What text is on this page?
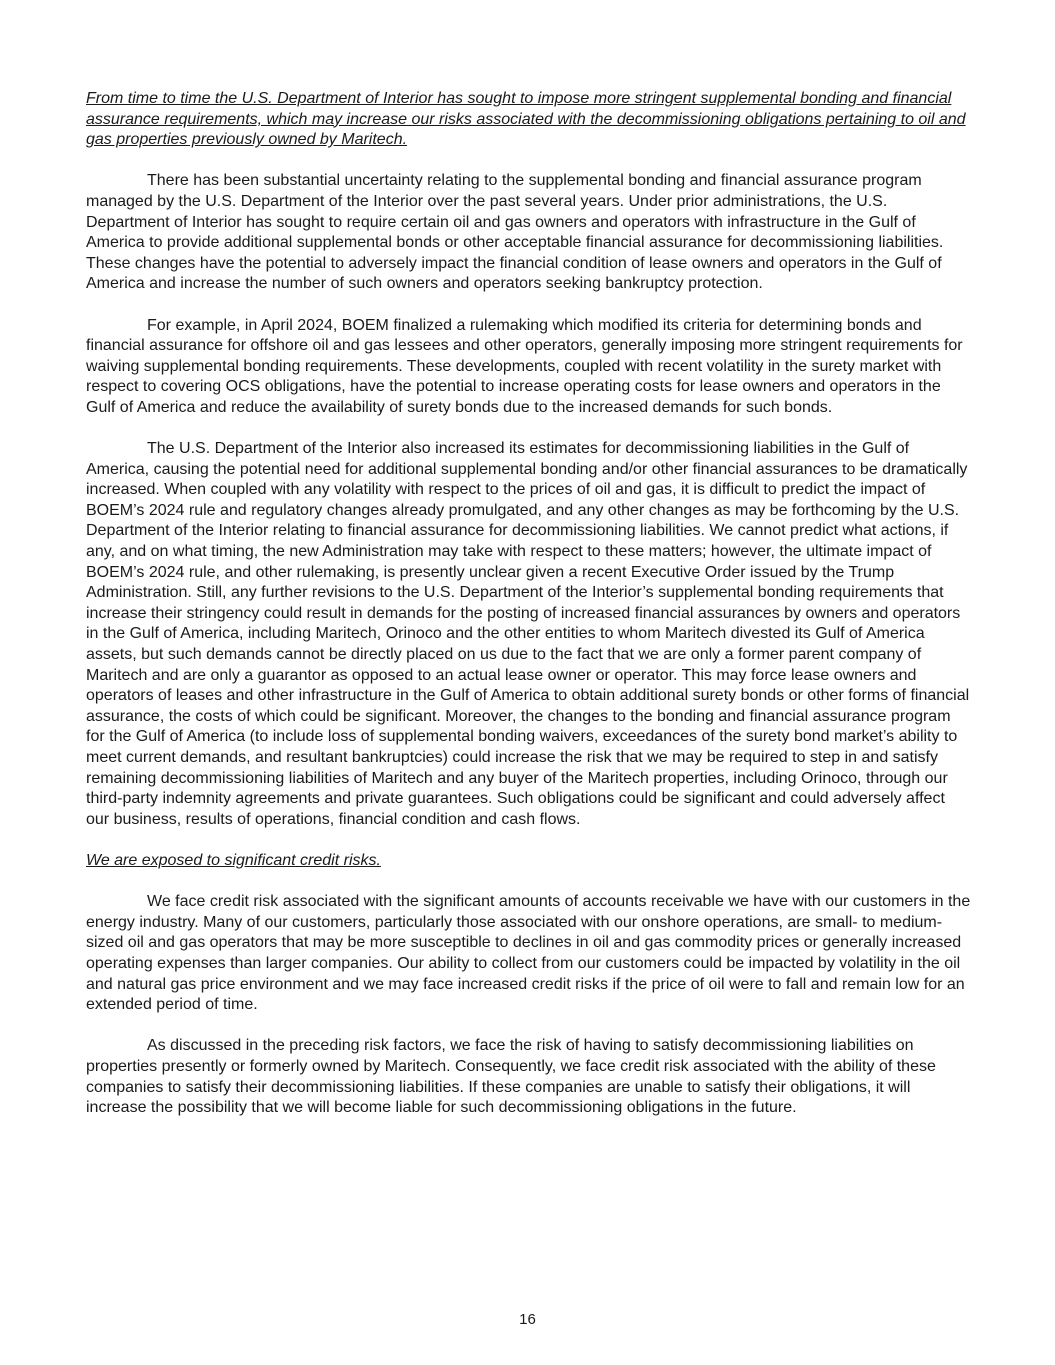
From time to time the U.S. Department of Interior has sought to impose more stringent supplemental bonding and financial assurance requirements, which may increase our risks associated with the decommissioning obligations pertaining to oil and gas properties previously owned by Maritech.

There has been substantial uncertainty relating to the supplemental bonding and financial assurance program managed by the U.S. Department of the Interior over the past several years. Under prior administrations, the U.S. Department of Interior has sought to require certain oil and gas owners and operators with infrastructure in the Gulf of America to provide additional supplemental bonds or other acceptable financial assurance for decommissioning liabilities. These changes have the potential to adversely impact the financial condition of lease owners and operators in the Gulf of America and increase the number of such owners and operators seeking bankruptcy protection.

For example, in April 2024, BOEM finalized a rulemaking which modified its criteria for determining bonds and financial assurance for offshore oil and gas lessees and other operators, generally imposing more stringent requirements for waiving supplemental bonding requirements. These developments, coupled with recent volatility in the surety market with respect to covering OCS obligations, have the potential to increase operating costs for lease owners and operators in the Gulf of America and reduce the availability of surety bonds due to the increased demands for such bonds.

The U.S. Department of the Interior also increased its estimates for decommissioning liabilities in the Gulf of America, causing the potential need for additional supplemental bonding and/or other financial assurances to be dramatically increased. When coupled with any volatility with respect to the prices of oil and gas, it is difficult to predict the impact of BOEM’s 2024 rule and regulatory changes already promulgated, and any other changes as may be forthcoming by the U.S. Department of the Interior relating to financial assurance for decommissioning liabilities. We cannot predict what actions, if any, and on what timing, the new Administration may take with respect to these matters; however, the ultimate impact of BOEM’s 2024 rule, and other rulemaking, is presently unclear given a recent Executive Order issued by the Trump Administration. Still, any further revisions to the U.S. Department of the Interior’s supplemental bonding requirements that increase their stringency could result in demands for the posting of increased financial assurances by owners and operators in the Gulf of America, including Maritech, Orinoco and the other entities to whom Maritech divested its Gulf of America assets, but such demands cannot be directly placed on us due to the fact that we are only a former parent company of Maritech and are only a guarantor as opposed to an actual lease owner or operator. This may force lease owners and operators of leases and other infrastructure in the Gulf of America to obtain additional surety bonds or other forms of financial assurance, the costs of which could be significant. Moreover, the changes to the bonding and financial assurance program for the Gulf of America (to include loss of supplemental bonding waivers, exceedances of the surety bond market’s ability to meet current demands, and resultant bankruptcies) could increase the risk that we may be required to step in and satisfy remaining decommissioning liabilities of Maritech and any buyer of the Maritech properties, including Orinoco, through our third-party indemnity agreements and private guarantees. Such obligations could be significant and could adversely affect our business, results of operations, financial condition and cash flows.

We are exposed to significant credit risks.

We face credit risk associated with the significant amounts of accounts receivable we have with our customers in the energy industry. Many of our customers, particularly those associated with our onshore operations, are small- to medium-sized oil and gas operators that may be more susceptible to declines in oil and gas commodity prices or generally increased operating expenses than larger companies. Our ability to collect from our customers could be impacted by volatility in the oil and natural gas price environment and we may face increased credit risks if the price of oil were to fall and remain low for an extended period of time.

As discussed in the preceding risk factors, we face the risk of having to satisfy decommissioning liabilities on properties presently or formerly owned by Maritech. Consequently, we face credit risk associated with the ability of these companies to satisfy their decommissioning liabilities. If these companies are unable to satisfy their obligations, it will increase the possibility that we will become liable for such decommissioning obligations in the future.

16
